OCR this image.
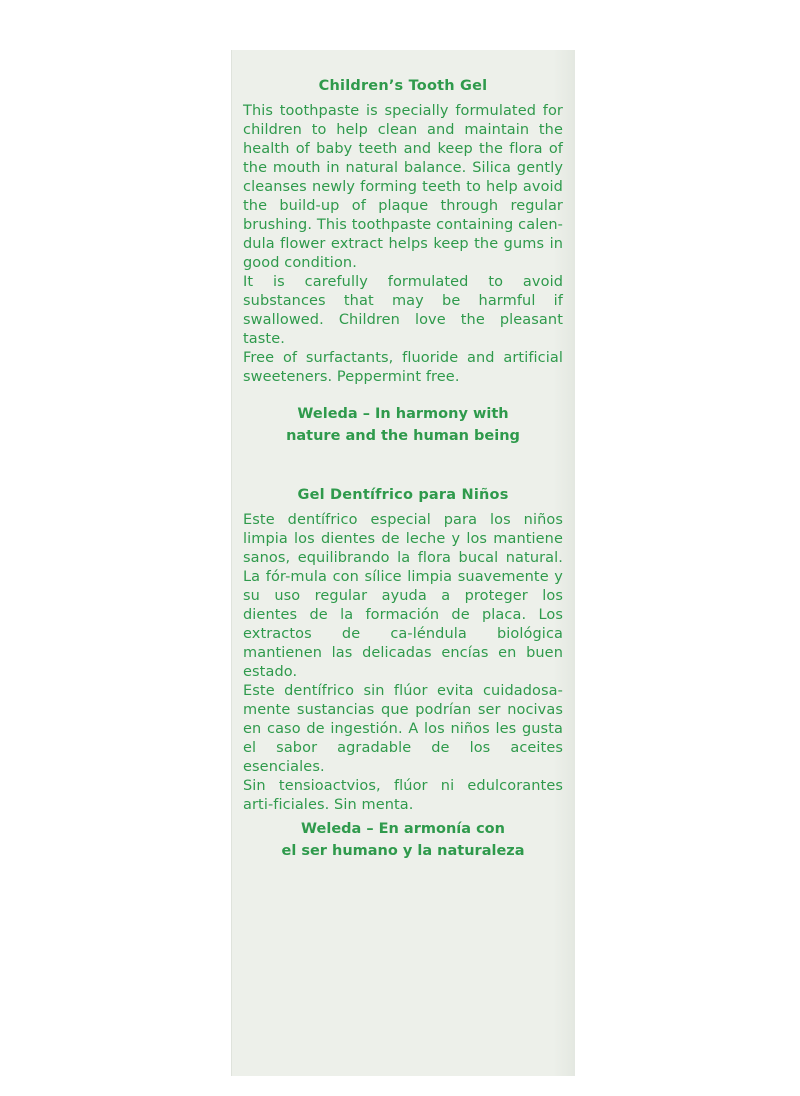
Children’s Tooth Gel

This toothpaste is specially formulated for children to help clean and maintain the health of baby teeth and keep the flora of the mouth in natural balance. Silica gently cleanses newly forming teeth to help avoid the build-up of plaque through regular brushing. This toothpaste containing calen-dula flower extract helps keep the gums in good condition.

It is carefully formulated to avoid substances that may be harmful if swallowed. Children love the pleasant taste.

Free of surfactants, fluoride and artificial sweeteners. Peppermint free.

Weleda – In harmony with
nature and the human being
Gel Dentífrico para Niños

Este dentífrico especial para los niños limpia los dientes de leche y los mantiene sanos, equilibrando la flora bucal natural. La fór-mula con sílice limpia suavemente y su uso regular ayuda a proteger los dientes de la formación de placa. Los extractos de ca-léndula biológica mantienen las delicadas encías en buen estado.

Este dentífrico sin flúor evita cuidadosa-mente sustancias que podrían ser nocivas en caso de ingestión. A los niños les gusta el sabor agradable de los aceites esenciales.

Sin tensioactvios, flúor ni edulcorantes arti-ficiales. Sin menta.

Weleda – En armonía con
el ser humano y la naturaleza
